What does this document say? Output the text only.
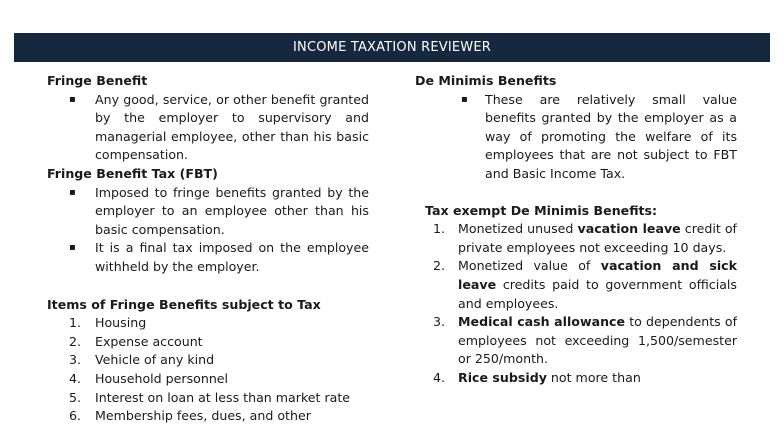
INCOME TAXATION REVIEWER
Fringe Benefit
▪ Any good, service, or other benefit granted by the employer to supervisory and managerial employee, other than his basic compensation.
Fringe Benefit Tax (FBT)
▪ Imposed to fringe benefits granted by the employer to an employee other than his basic compensation.
▪ It is a final tax imposed on the employee withheld by the employer.
Items of Fringe Benefits subject to Tax
1. Housing
2. Expense account
3. Vehicle of any kind
4. Household personnel
5. Interest on loan at less than market rate
6. Membership fees, dues, and other
De Minimis Benefits
▪ These are relatively small value benefits granted by the employer as a way of promoting the welfare of its employees that are not subject to FBT and Basic Income Tax.
Tax exempt De Minimis Benefits:
1. Monetized unused vacation leave credit of private employees not exceeding 10 days.
2. Monetized value of vacation and sick leave credits paid to government officials and employees.
3. Medical cash allowance to dependents of employees not exceeding 1,500/semester or 250/month.
4. Rice subsidy not more than
